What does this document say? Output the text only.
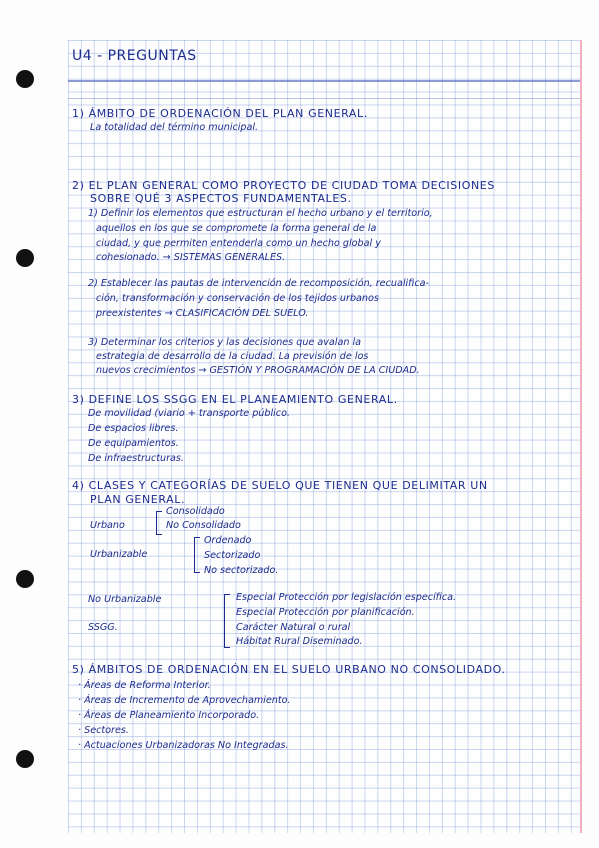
U4 - PREGUNTAS

1) ÁMBITO DE ORDENACIÓN DEL PLAN GENERAL.

La totalidad del término municipal.

2) EL PLAN GENERAL COMO PROYECTO DE CIUDAD TOMA DECISIONES

SOBRE QUÉ 3 ASPECTOS FUNDAMENTALES.

1) Definir los elementos que estructuran el hecho urbano y el territorio,

aquellos en los que se compromete la forma general de la

ciudad, y que permiten entenderla como un hecho global y

cohesionado. → SISTEMAS GENERALES.

2) Establecer las pautas de intervención de recomposición, recualifica-

ción, transformación y conservación de los tejidos urbanos

preexistentes → CLASIFICACIÓN DEL SUELO.

3) Determinar los criterios y las decisiones que avalan la

estrategia de desarrollo de la ciudad. La previsión de los

nuevos crecimientos → GESTIÓN Y PROGRAMACIÓN DE LA CIUDAD.

3) DEFINE LOS SSGG EN EL PLANEAMIENTO GENERAL.

De movilidad (viario + transporte público.

De espacios libres.

De equipamientos.

De infraestructuras.

4) CLASES Y CATEGORÍAS DE SUELO QUE TIENEN QUE DELIMITAR UN

PLAN GENERAL.

Urbano

Consolidado

No Consolidado

Urbanizable

Ordenado

Sectorizado

No sectorizado.

No Urbanizable

SSGG.

Especial Protección por legislación específica.

Especial Protección por planificación.

Carácter Natural o rural

Hábitat Rural Diseminado.

5) ÁMBITOS DE ORDENACIÓN EN EL SUELO URBANO NO CONSOLIDADO.

· Áreas de Reforma Interior.

· Áreas de Incremento de Aprovechamiento.

· Áreas de Planeamiento Incorporado.

· Sectores.

· Actuaciones Urbanizadoras No Integradas.
